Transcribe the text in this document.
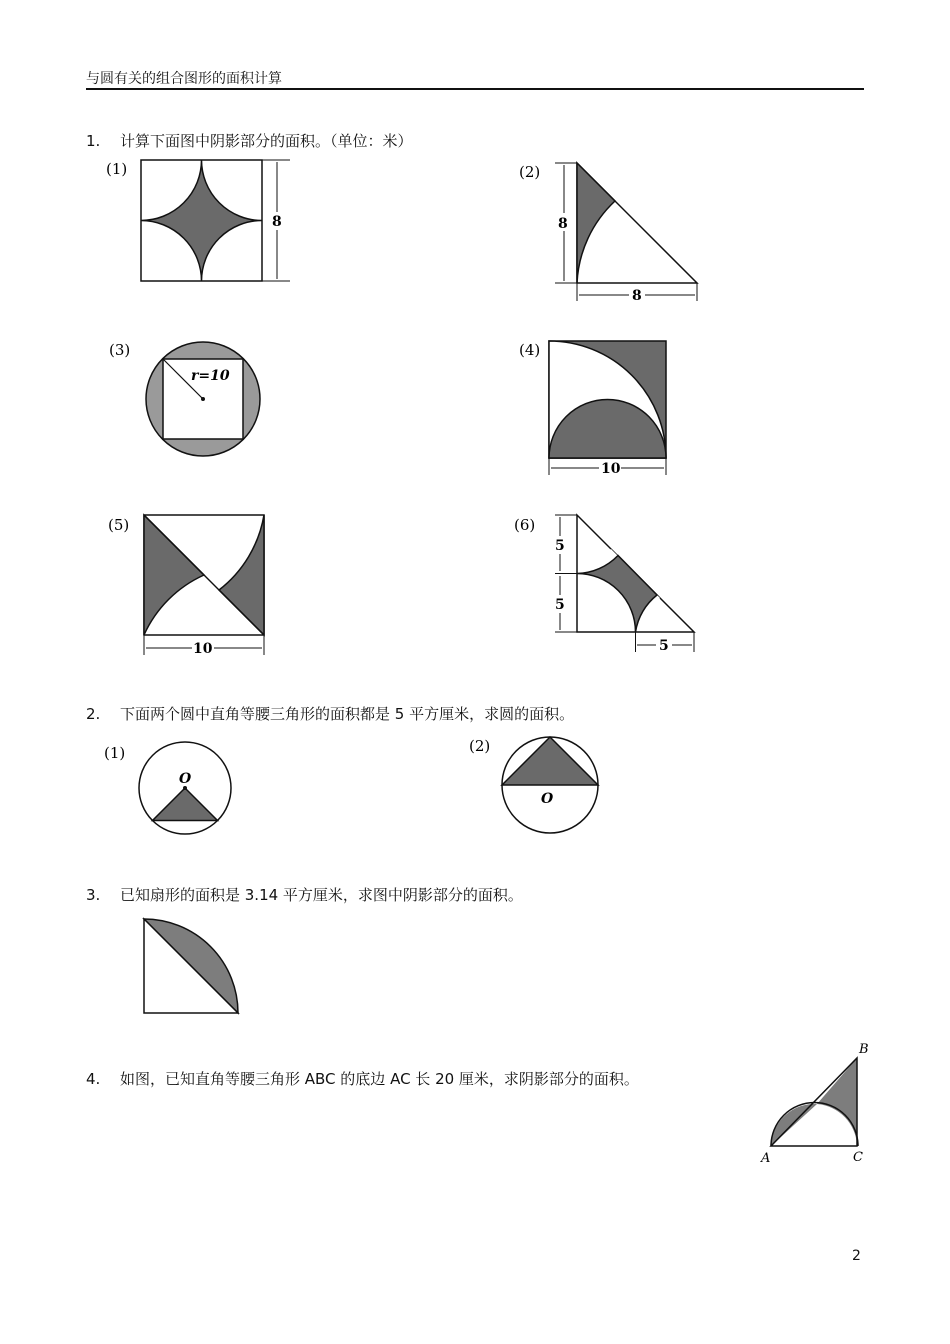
与圆有关的组合图形的面积计算
1. 计算下面图中阴影部分的面积。（单位：米）
(1)
8
(2)
8
8
(3)
r=10
(4)
10
(5)
10
(6)
5
5
5
2. 下面两个圆中直角等腰三角形的面积都是 5 平方厘米，求圆的面积。
(1)
O
(2)
O
3. 已知扇形的面积是 3.14 平方厘米，求图中阴影部分的面积。
4. 如图，已知直角等腰三角形 ABC 的底边 AC 长 20 厘米，求阴影部分的面积。
B
A	C
2
